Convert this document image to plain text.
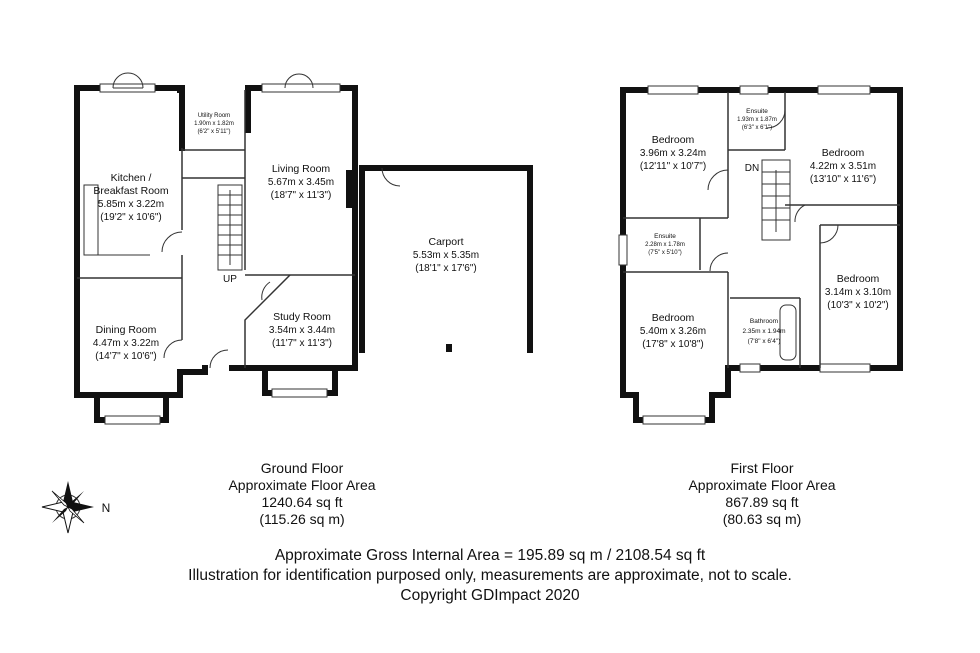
Kitchen /
Breakfast Room
5.85m x 3.22m
(19'2" x 10'6")
Utility Room
1.90m x 1.82m
(6'2" x 5'11")
Living Room
5.67m x 3.45m
(18'7" x 11'3")
Dining Room
4.47m x 3.22m
(14'7" x 10'6")
Study Room
3.54m x 3.44m
(11'7" x 11'3")
Carport
5.53m x 5.35m
(18'1" x 17'6")
UP
Bedroom
3.96m x 3.24m
(12'11" x 10'7")
Ensuite
1.93m x 1.87m
(6'3" x 6'1")
Bedroom
4.22m x 3.51m
(13'10" x 11'6")
Ensuite
2.28m x 1.78m
(7'5" x 5'10")
Bedroom
3.14m x 3.10m
(10'3" x 10'2")
Bedroom
5.40m x 3.26m
(17'8" x 10'8")
Bathroom
2.35m x 1.94m
(7'8" x 6'4")
DN
N
Ground Floor
Approximate Floor Area
1240.64 sq ft
(115.26 sq m)
First Floor
Approximate Floor Area
867.89 sq ft
(80.63 sq m)
Approximate Gross Internal Area = 195.89 sq m / 2108.54 sq ft
Illustration for identification purposed only, measurements are approximate, not to scale.
Copyright GDImpact 2020
